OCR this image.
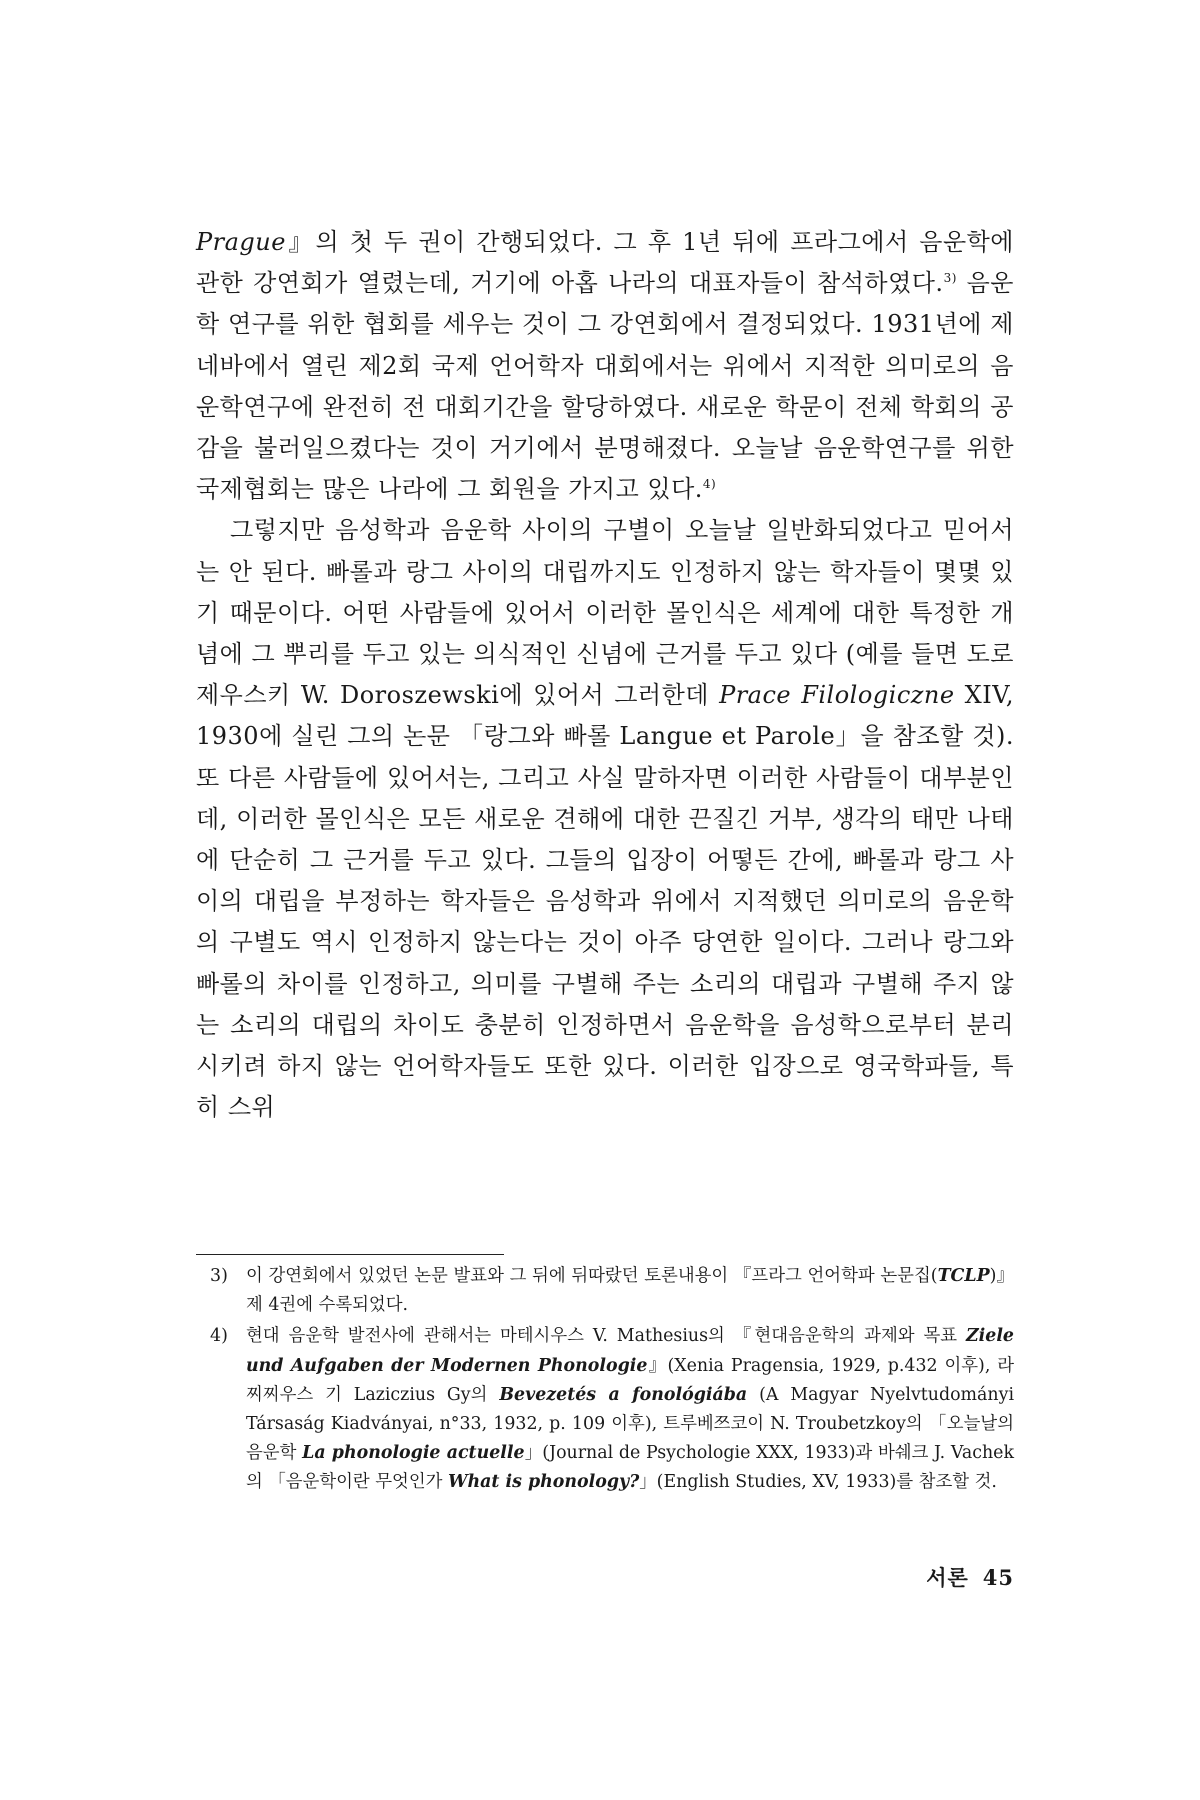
Prague』의 첫 두 권이 간행되었다. 그 후 1년 뒤에 프라그에서 음운학에 관한 강연회가 열렸는데, 거기에 아홉 나라의 대표자들이 참석하였다.$^{3)}$ 음운학 연구를 위한 협회를 세우는 것이 그 강연회에서 결정되었다. 1931년에 제네바에서 열린 제2회 국제 언어학자 대회에서는 위에서 지적한 의미로의 음운학연구에 완전히 전 대회기간을 할당하였다. 새로운 학문이 전체 학회의 공감을 불러일으켰다는 것이 거기에서 분명해졌다. 오늘날 음운학연구를 위한 국제협회는 많은 나라에 그 회원을 가지고 있다.$^{4)}$

그렇지만 음성학과 음운학 사이의 구별이 오늘날 일반화되었다고 믿어서는 안 된다. 빠롤과 랑그 사이의 대립까지도 인정하지 않는 학자들이 몇몇 있기 때문이다. 어떤 사람들에 있어서 이러한 몰인식은 세계에 대한 특정한 개념에 그 뿌리를 두고 있는 의식적인 신념에 근거를 두고 있다 (예를 들면 도로제우스키 W. Doroszewski에 있어서 그러한데 Prace Filologiczne XIV, 1930에 실린 그의 논문 「랑그와 빠롤 Langue et Parole」을 참조할 것). 또 다른 사람들에 있어서는, 그리고 사실 말하자면 이러한 사람들이 대부분인데, 이러한 몰인식은 모든 새로운 견해에 대한 끈질긴 거부, 생각의 태만 나태에 단순히 그 근거를 두고 있다. 그들의 입장이 어떻든 간에, 빠롤과 랑그 사이의 대립을 부정하는 학자들은 음성학과 위에서 지적했던 의미로의 음운학의 구별도 역시 인정하지 않는다는 것이 아주 당연한 일이다. 그러나 랑그와 빠롤의 차이를 인정하고, 의미를 구별해 주는 소리의 대립과 구별해 주지 않는 소리의 대립의 차이도 충분히 인정하면서 음운학을 음성학으로부터 분리시키려 하지 않는 언어학자들도 또한 있다. 이러한 입장으로 영국학파들, 특히 스위

3) 이 강연회에서 있었던 논문 발표와 그 뒤에 뒤따랐던 토론내용이 『프라그 언어학파 논문집(TCLP)』 제 4권에 수록되었다.
4) 현대 음운학 발전사에 관해서는 마테시우스 V. Mathesius의 『현대음운학의 과제와 목표 Ziele und Aufgaben der Modernen Phonologie』(Xenia Pragensia, 1929, p.432 이후), 라찌찌우스 기 Laziczius Gy의 Bevezetés a fonológiába (A Magyar Nyelvtudományi Társaság Kiadványai, n°33, 1932, p. 109 이후), 트루베쯔코이 N. Troubetzkoy의 「오늘날의 음운학 La phonologie actuelle」(Journal de Psychologie XXX, 1933)과 바쉐크 J. Vachek의 「음운학이란 무엇인가 What is phonology?」(English Studies, XV, 1933)를 참조할 것.
서론 45
